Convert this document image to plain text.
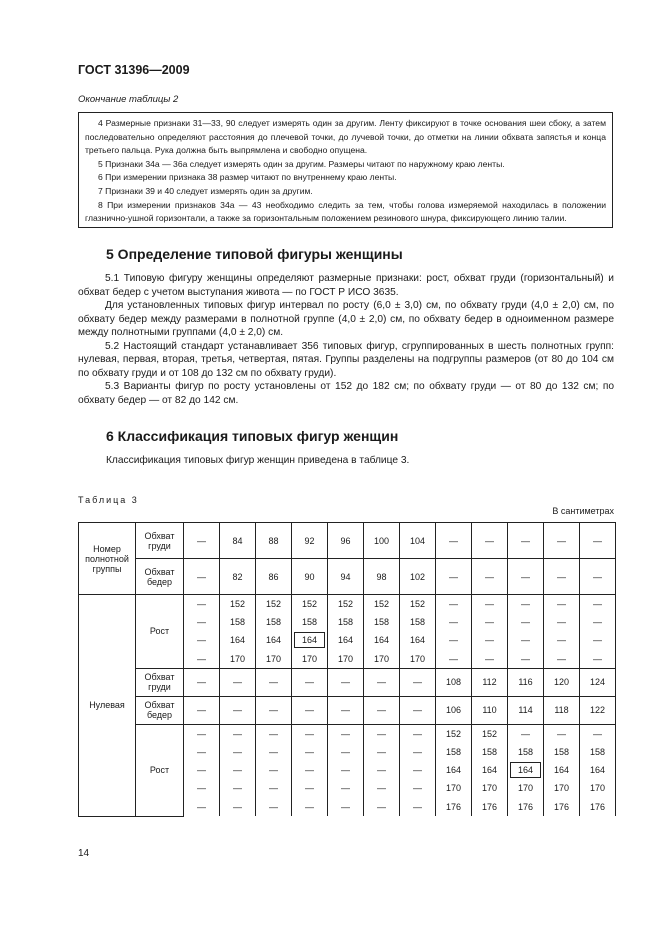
ГОСТ 31396—2009
Окончание таблицы 2

4 Размерные признаки 31—33, 90 следует измерять один за другим. Ленту фиксируют в точке основания шеи сбоку, а затем последовательно определяют расстояния до плечевой точки, до лучевой точки, до отметки на линии обхвата запястья и конца третьего пальца. Рука должна быть выпрямлена и свободно опущена.

5 Признаки 34а — 36а следует измерять один за другим. Размеры читают по наружному краю ленты.

6 При измерении признака 38 размер читают по внутреннему краю ленты.

7 Признаки 39 и 40 следует измерять один за другим.

8 При измерении признаков 34а — 43 необходимо следить за тем, чтобы голова измеряемой находилась в положении глазнично-ушной горизонтали, а также за горизонтальным положением резинового шнура, фиксирующего линию талии.

5 Определение типовой фигуры женщины

5.1 Типовую фигуру женщины определяют размерные признаки: рост, обхват груди (горизонтальный) и обхват бедер с учетом выступания живота — по ГОСТ Р ИСО 3635.

Для установленных типовых фигур интервал по росту (6,0 ± 3,0) см, по обхвату груди (4,0 ± 2,0) см, по обхвату бедер между размерами в полнотной группе (4,0 ± 2,0) см, по обхвату бедер в одноименном размере между полнотными группами (4,0 ± 2,0) см.

5.2 Настоящий стандарт устанавливает 356 типовых фигур, сгруппированных в шесть полнотных групп: нулевая, первая, вторая, третья, четвертая, пятая. Группы разделены на подгруппы размеров (от 80 до 104 см по обхвату груди и от 108 до 132 см по обхвату груди).

5.3 Варианты фигур по росту установлены от 152 до 182 см; по обхвату груди — от 80 до 132 см; по обхвату бедер — от 82 до 142 см.

6 Классификация типовых фигур женщин
Классификация типовых фигур женщин приведена в таблице 3.
Таблица 3
В сантиметрах
Номер полнотной группы	Обхват груди	—	84	88	92	96	100	104	—	—	—	—	—
	Обхват бедер	—	82	86	90	94	98	102	—	—	—	—	—
Нулевая	Рост	—	152	152	152	152	152	152	—	—	—	—	—
		—	158	158	158	158	158	158	—	—	—	—	—
		—	164	164	164	164	164	164	—	—	—	—	—
		—	170	170	170	170	170	170	—	—	—	—	—
	Обхват груди	—	—	—	—	—	—	—	108	112	116	120	124
	Обхват бедер	—	—	—	—	—	—	—	106	110	114	118	122
	Рост	—	—	—	—	—	—	—	152	152	—	—	—
		—	—	—	—	—	—	—	158	158	158	158	158
		—	—	—	—	—	—	—	164	164	164	164	164
		—	—	—	—	—	—	—	170	170	170	170	170
		—	—	—	—	—	—	—	176	176	176	176	176
14
